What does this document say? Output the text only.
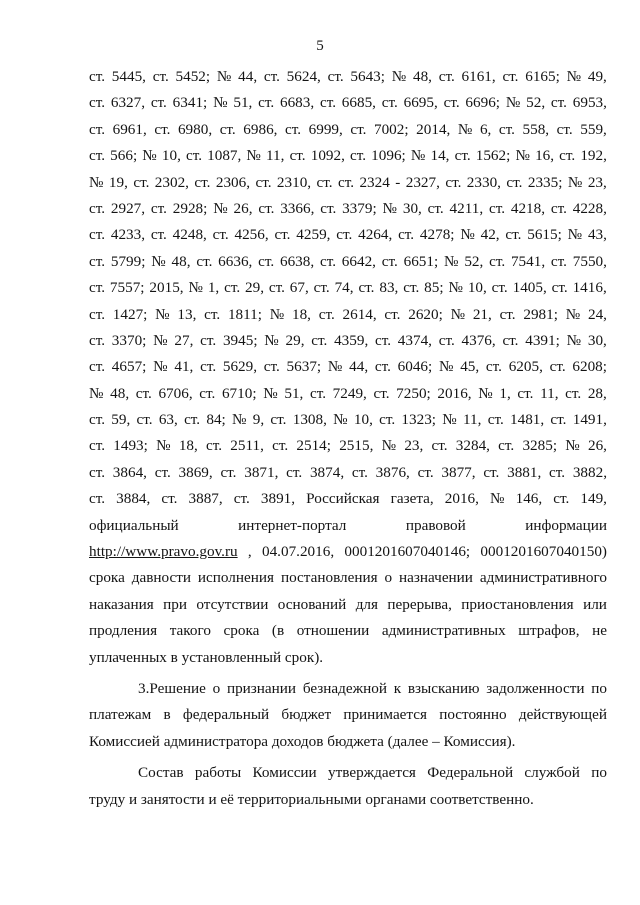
5
ст. 5445, ст. 5452; № 44, ст. 5624, ст. 5643; № 48, ст. 6161, ст. 6165; № 49,
ст. 6327, ст. 6341; № 51, ст. 6683, ст. 6685, ст. 6695, ст. 6696; № 52, ст. 6953,
ст. 6961, ст. 6980, ст. 6986, ст. 6999, ст. 7002; 2014, № 6, ст. 558, ст. 559,
ст. 566; № 10, ст. 1087, № 11, ст. 1092, ст. 1096; № 14, ст. 1562; № 16, ст. 192,
№ 19, ст. 2302, ст. 2306, ст. 2310, ст. ст. 2324 - 2327, ст. 2330, ст. 2335; № 23,
ст. 2927, ст. 2928; № 26, ст. 3366, ст. 3379; № 30, ст. 4211, ст. 4218, ст. 4228,
ст. 4233, ст. 4248, ст. 4256, ст. 4259, ст. 4264, ст. 4278; № 42, ст. 5615; № 43,
ст. 5799; № 48, ст. 6636, ст. 6638, ст. 6642, ст. 6651; № 52, ст. 7541, ст. 7550,
ст. 7557; 2015, № 1, ст. 29, ст. 67, ст. 74, ст. 83, ст. 85; № 10, ст. 1405, ст. 1416,
ст. 1427; № 13, ст. 1811; № 18, ст. 2614, ст. 2620; № 21, ст. 2981; № 24,
ст. 3370; № 27, ст. 3945; № 29, ст. 4359, ст. 4374, ст. 4376, ст. 4391; № 30,
ст. 4657; № 41, ст. 5629, ст. 5637; № 44, ст. 6046; № 45, ст. 6205, ст. 6208;
№ 48, ст. 6706, ст. 6710; № 51, ст. 7249, ст. 7250; 2016, № 1, ст. 11, ст. 28,
ст. 59, ст. 63, ст. 84; № 9, ст. 1308, № 10, ст. 1323; № 11, ст. 1481, ст. 1491,
ст. 1493; № 18, ст. 2511, ст. 2514; 2515, № 23, ст. 3284, ст. 3285; № 26,
ст. 3864, ст. 3869, ст. 3871, ст. 3874, ст. 3876, ст. 3877, ст. 3881, ст. 3882,
ст. 3884, ст. 3887, ст. 3891, Российская газета, 2016, № 146, ст. 149,
официальный	интернет-портал	правовой	информации
http://www.pravo.gov.ru , 04.07.2016, 0001201607040146; 0001201607040150)
срока давности исполнения постановления о назначении административного
наказания при отсутствии оснований для перерыва, приостановления или
продления такого срока (в отношении административных штрафов, не
уплаченных в установленный срок).
3.Решение о признании безнадежной к взысканию задолженности по
платежам в федеральный бюджет принимается постоянно действующей
Комиссией администратора доходов бюджета (далее – Комиссия).
Состав работы Комиссии утверждается Федеральной службой по
труду и занятости и её территориальными органами соответственно.
